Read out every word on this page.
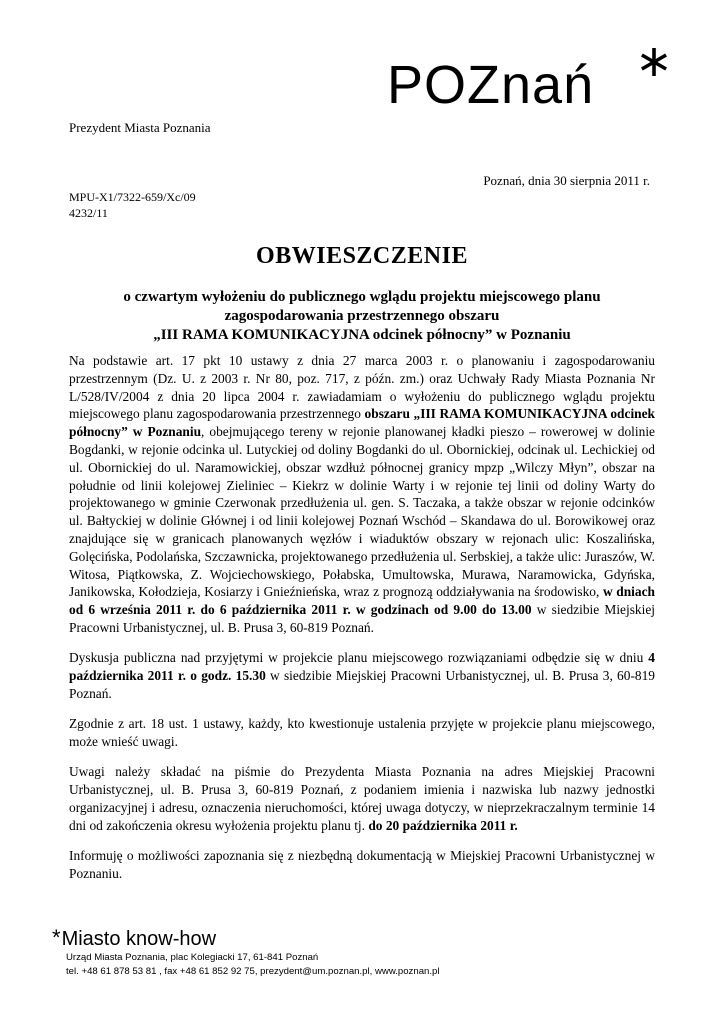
POZnań
Prezydent Miasta Poznania
Poznań, dnia 30 sierpnia 2011 r.
MPU-X1/7322-659/Xc/09
4232/11
OBWIESZCZENIE
o czwartym wyłożeniu do publicznego wglądu projektu miejscowego planu
zagospodarowania przestrzennego obszaru
„III RAMA KOMUNIKACYJNA odcinek północny” w Poznaniu

Na podstawie art. 17 pkt 10 ustawy z dnia 27 marca 2003 r. o planowaniu i zagospodarowaniu przestrzennym (Dz. U. z 2003 r. Nr 80, poz. 717, z późn. zm.) oraz Uchwały Rady Miasta Poznania Nr L/528/IV/2004 z dnia 20 lipca 2004 r. zawiadamiam o wyłożeniu do publicznego wglądu projektu miejscowego planu zagospodarowania przestrzennego obszaru „III RAMA KOMUNIKACYJNA odcinek północny” w Poznaniu, obejmującego tereny w rejonie planowanej kładki pieszo – rowerowej w dolinie Bogdanki, w rejonie odcinka ul. Lutyckiej od doliny Bogdanki do ul. Obornickiej, odcinak ul. Lechickiej od ul. Obornickiej do ul. Naramowickiej, obszar wzdłuż północnej granicy mpzp „Wilczy Młyn”, obszar na południe od linii kolejowej Zieliniec – Kiekrz w dolinie Warty i w rejonie tej linii od doliny Warty do projektowanego w gminie Czerwonak przedłużenia ul. gen. S. Taczaka, a także obszar w rejonie odcinków ul. Bałtyckiej w dolinie Głównej i od linii kolejowej Poznań Wschód – Skandawa do ul. Borowikowej oraz znajdujące się w granicach planowanych węzłów i wiaduktów obszary w rejonach ulic: Koszalińska, Golęcińska, Podolańska, Szczawnicka, projektowanego przedłużenia ul. Serbskiej, a także ulic: Juraszów, W. Witosa, Piątkowska, Z. Wojciechowskiego, Połabska, Umultowska, Murawa, Naramowicka, Gdyńska, Janikowska, Kołodzieja, Kosiarzy i Gnieźnieńska, wraz z prognozą oddziaływania na środowisko, w dniach od 6 września 2011 r. do 6 października 2011 r. w godzinach od 9.00 do 13.00 w siedzibie Miejskiej Pracowni Urbanistycznej, ul. B. Prusa 3, 60-819 Poznań.

Dyskusja publiczna nad przyjętymi w projekcie planu miejscowego rozwiązaniami odbędzie się w dniu 4 października 2011 r. o godz. 15.30 w siedzibie Miejskiej Pracowni Urbanistycznej, ul. B. Prusa 3, 60-819 Poznań.

Zgodnie z art. 18 ust. 1 ustawy, każdy, kto kwestionuje ustalenia przyjęte w projekcie planu miejscowego, może wnieść uwagi.

Uwagi należy składać na piśmie do Prezydenta Miasta Poznania na adres Miejskiej Pracowni Urbanistycznej, ul. B. Prusa 3, 60-819 Poznań, z podaniem imienia i nazwiska lub nazwy jednostki organizacyjnej i adresu, oznaczenia nieruchomości, której uwaga dotyczy, w nieprzekraczalnym terminie 14 dni od zakończenia okresu wyłożenia projektu planu tj. do 20 października 2011 r.

Informuję o możliwości zapoznania się z niezbędną dokumentacją w Miejskiej Pracowni Urbanistycznej w Poznaniu.

*Miasto know-how
Urząd Miasta Poznania, plac Kolegiacki 17, 61-841 Poznań
tel. +48 61 878 53 81 , fax +48 61 852 92 75, prezydent@um.poznan.pl, www.poznan.pl
